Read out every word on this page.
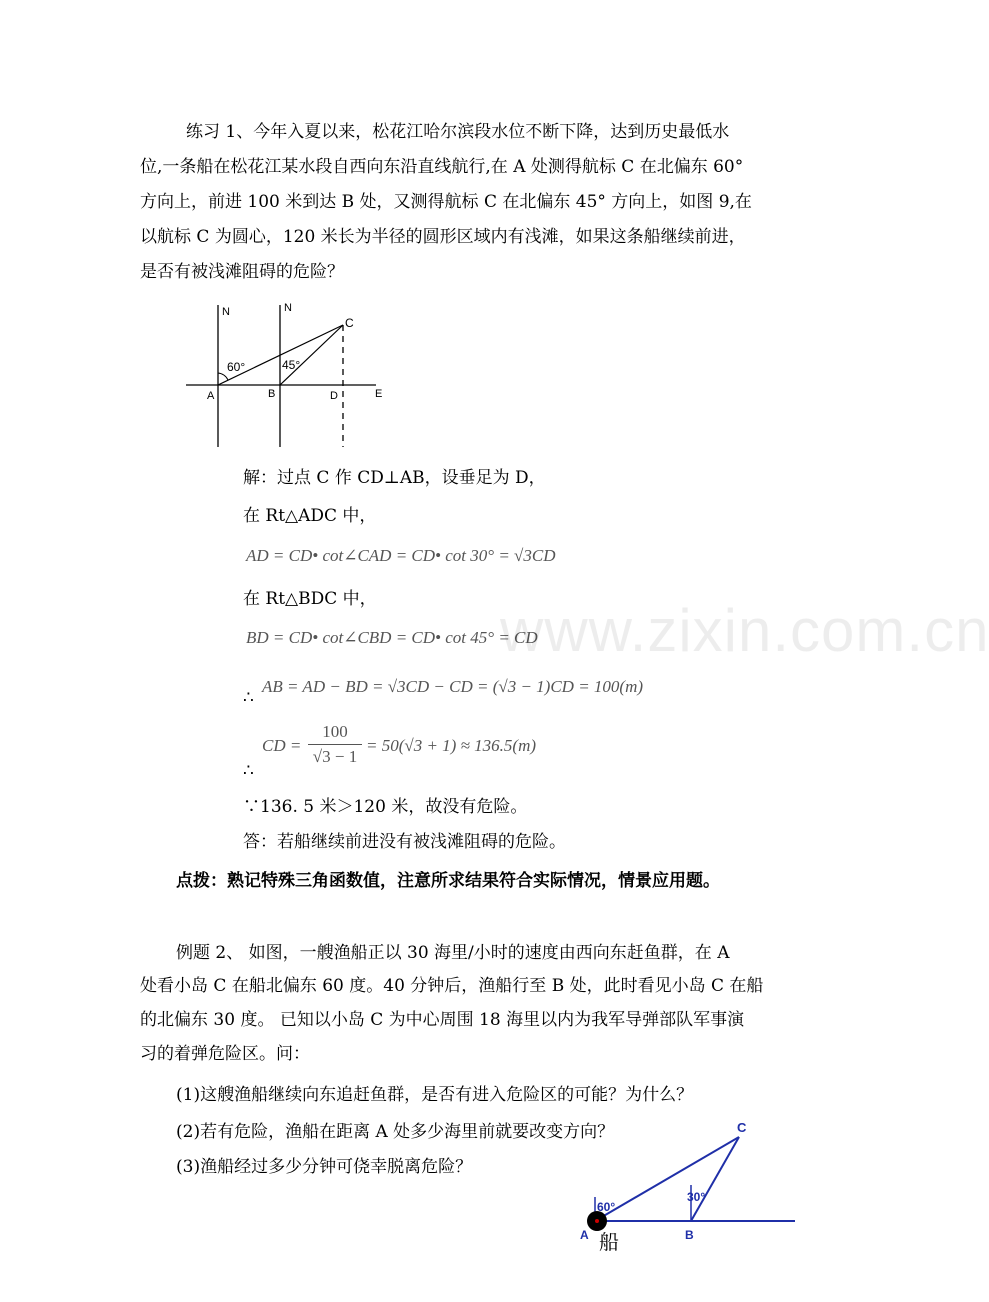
练习 1、今年入夏以来，松花江哈尔滨段水位不断下降，达到历史最低水
位,一条船在松花江某水段自西向东沿直线航行,在 A 处测得航标 C 在北偏东 60°
方向上，前进 100 米到达 B 处，又测得航标 C 在北偏东 45° 方向上，如图 9,在
以航标 C 为圆心，120 米长为半径的圆形区域内有浅滩，如果这条船继续前进，
是否有被浅滩阻碍的危险？
N	N
C
60°	45°
A	B	D	E
解：过点 C 作 CD⊥AB，设垂足为 D，
在 Rt△ADC 中，
AD = CD• cot∠CAD = CD• cot 30° = √3CD
在 Rt△BDC 中，
BD = CD• cot∠CBD = CD• cot 45° = CD
∴
AB = AD − BD = √3CD − CD = (√3 − 1)CD = 100(m)
∴
CD = $\frac{100}{√3 - 1} = 50(√3 + 1) \approx 136.5(m)$
∵136. 5 米＞120 米，故没有危险。
答：若船继续前进没有被浅滩阻碍的危险。
www.zixin.com.cn
点拨：熟记特殊三角函数值，注意所求结果符合实际情况，情景应用题。
例题 2、 如图，一艘渔船正以 30 海里/小时的速度由西向东赶鱼群，在 A
处看小岛 C 在船北偏东 60 度。40 分钟后，渔船行至 B 处，此时看见小岛 C 在船
的北偏东 30 度。 已知以小岛 C 为中心周围 18 海里以内为我军导弹部队军事演
习的着弹危险区。问：
(1)这艘渔船继续向东追赶鱼群，是否有进入危险区的可能？为什么？
(2)若有危险，渔船在距离 A 处多少海里前就要改变方向？
(3)渔船经过多少分钟可侥幸脱离危险？
C
60°
30°
A	B
船
